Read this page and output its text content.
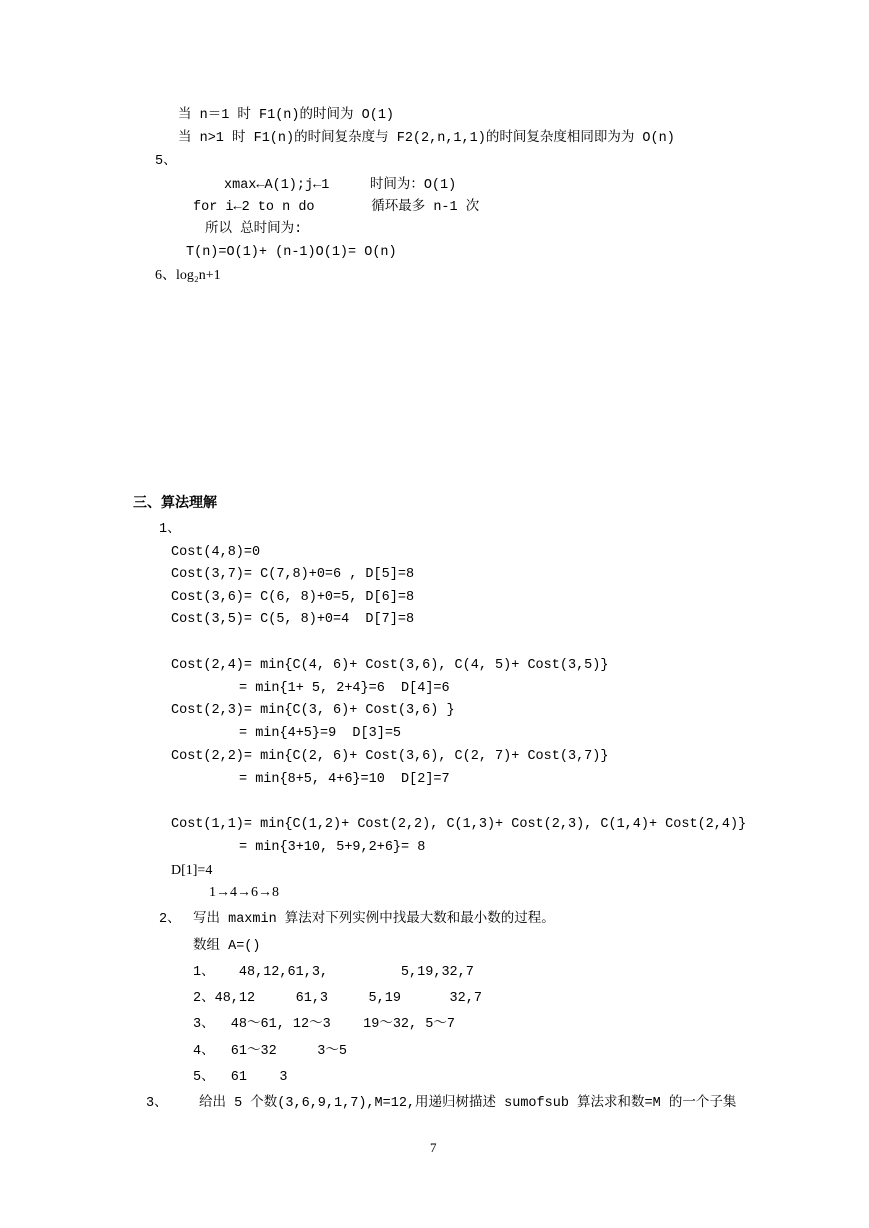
当 n＝1 时 F1(n)的时间为 O(1)
当 n>1 时 F1(n)的时间复杂度与 F2(2,n,1,1)的时间复杂度相同即为为 O(n)
5、
xmax←A(1);j←1     时间为：O(1)
for i←2 to n do       循环最多 n-1 次
所以 总时间为:
T(n)=O(1)+ (n-1)O(1)= O(n)
6、log₂n+1
三、算法理解
1、
Cost(4,8)=0
Cost(3,7)= C(7,8)+0=6 , D[5]=8
Cost(3,6)= C(6, 8)+0=5, D[6]=8
Cost(3,5)= C(5, 8)+0=4  D[7]=8
Cost(2,4)= min{C(4, 6)+ Cost(3,6), C(4, 5)+ Cost(3,5)}
= min{1+ 5, 2+4}=6  D[4]=6
Cost(2,3)= min{C(3, 6)+ Cost(3,6) }
= min{4+5}=9  D[3]=5
Cost(2,2)= min{C(2, 6)+ Cost(3,6), C(2, 7)+ Cost(3,7)}
= min{8+5, 4+6}=10  D[2]=7
Cost(1,1)= min{C(1,2)+ Cost(2,2), C(1,3)+ Cost(2,3), C(1,4)+ Cost(2,4)}
= min{3+10, 5+9,2+6}= 8
D[1]=4
1→4→6→8
2、 写出 maxmin 算法对下列实例中找最大数和最小数的过程。
数组 A=()
1、   48,12,61,3,         5,19,32,7
2、48,12     61,3     5,19      32,7
3、  48～61, 12～3    19～32, 5～7
4、  61～32     3～5
5、  61    3
3、 给出 5 个数(3,6,9,1,7),M=12,用递归树描述 sumofsub 算法求和数=M 的一个子集
7
